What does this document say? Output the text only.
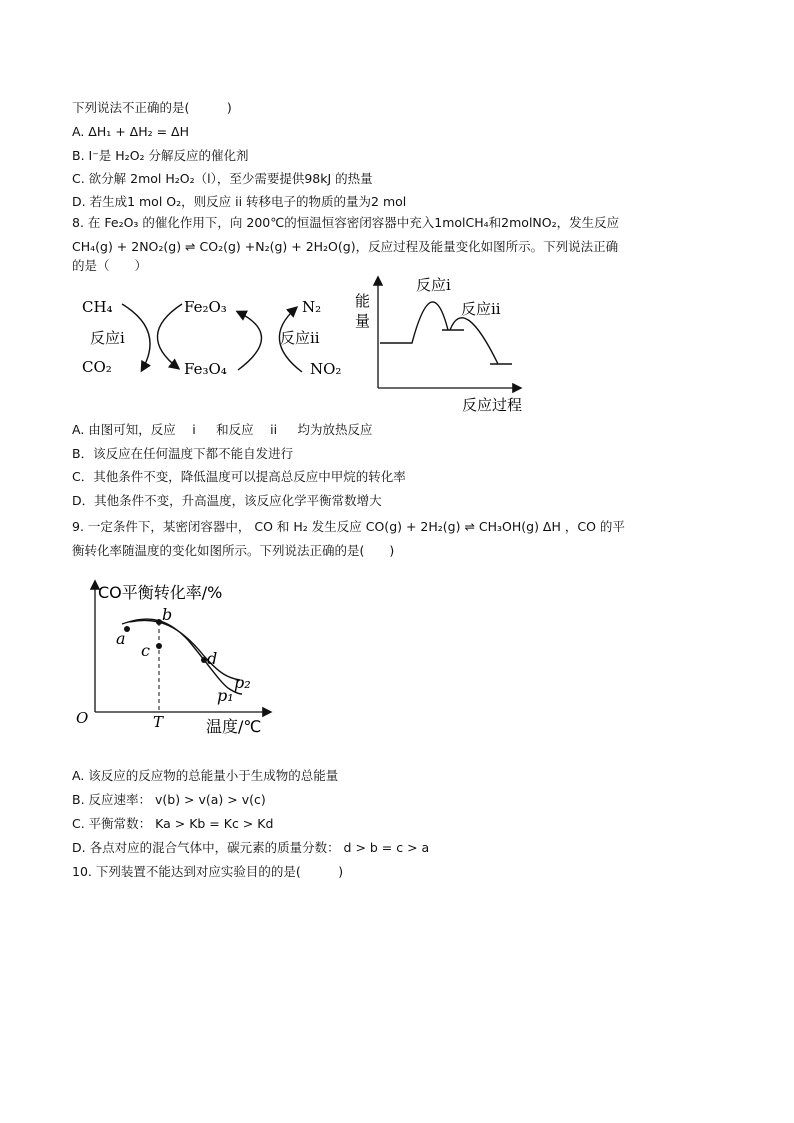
下列说法不正确的是(　　　)
A. ΔH₁ + ΔH₂ = ΔH
B. I⁻是 H₂O₂ 分解反应的催化剂
C. 欲分解 2mol H₂O₂（l），至少需要提供98kJ 的热量
D. 若生成1 mol O₂，则反应 ii 转移电子的物质的量为2 mol
8. 在 Fe₂O₃ 的催化作用下，向 200℃的恒温恒容密闭容器中充入1molCH₄和2molNO₂，发生反应
CH₄(g) + 2NO₂(g) ⇌ CO₂(g) +N₂(g) + 2H₂O(g)，反应过程及能量变化如图所示。下列说法正确
的是（　　）
CH₄	Fe₂O₃	N₂
反应i	反应ii
CO₂	Fe₃O₄	NO₂
能
量
反应i
反应ii
反应过程
A. 由图可知，反应　 i 　 和反应　 ii 　 均为放热反应
B．该反应在任何温度下都不能自发进行
C．其他条件不变，降低温度可以提高总反应中甲烷的转化率
D．其他条件不变，升高温度，该反应化学平衡常数增大
9. 一定条件下，某密闭容器中， CO 和 H₂ 发生反应 CO(g) + 2H₂(g) ⇌ CH₃OH(g) ΔH ，CO 的平
衡转化率随温度的变化如图所示。下列说法正确的是(　　)
CO平衡转化率/%
温度/℃
O	T
a
b
c	d
p₁
p₂
A. 该反应的反应物的总能量小于生成物的总能量
B. 反应速率： v(b) > v(a) > v(c)
C. 平衡常数： Ka > Kb = Kc > Kd
D. 各点对应的混合气体中，碳元素的质量分数： d > b = c > a
10. 下列装置不能达到对应实验目的的是(　　　)
